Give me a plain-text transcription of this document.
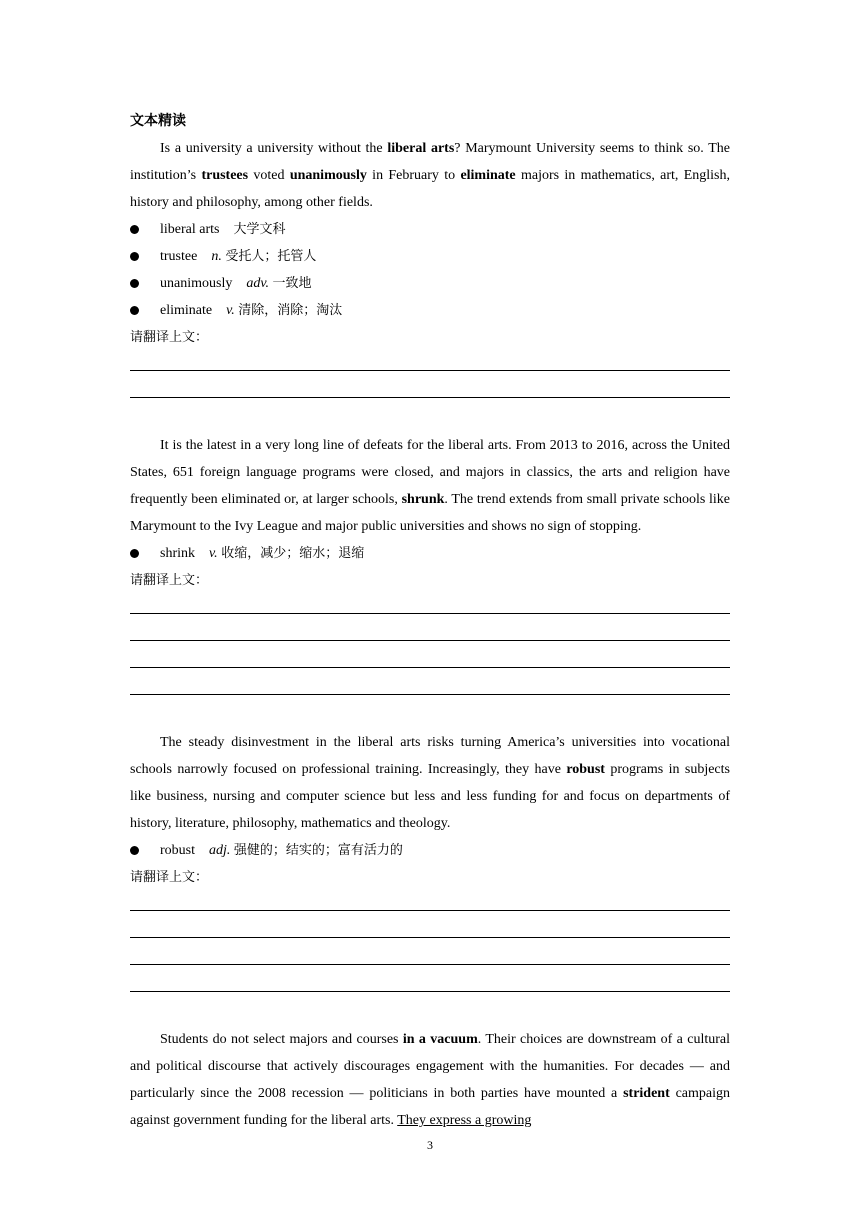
文本精读

Is a university a university without the liberal arts? Marymount University seems to think so. The institution’s trustees voted unanimously in February to eliminate majors in mathematics, art, English, history and philosophy, among other fields.

liberal arts 大学文科
trustee n. 受托人；托管人
unanimously adv. 一致地
eliminate v. 清除，消除；淘汰
请翻译上文：

It is the latest in a very long line of defeats for the liberal arts. From 2013 to 2016, across the United States, 651 foreign language programs were closed, and majors in classics, the arts and religion have frequently been eliminated or, at larger schools, shrunk. The trend extends from small private schools like Marymount to the Ivy League and major public universities and shows no sign of stopping.

shrink v. 收缩，减少；缩水；退缩
请翻译上文：

The steady disinvestment in the liberal arts risks turning America’s universities into vocational schools narrowly focused on professional training. Increasingly, they have robust programs in subjects like business, nursing and computer science but less and less funding for and focus on departments of history, literature, philosophy, mathematics and theology.

robust adj. 强健的；结实的；富有活力的
请翻译上文：

Students do not select majors and courses in a vacuum. Their choices are downstream of a cultural and political discourse that actively discourages engagement with the humanities. For decades — and particularly since the 2008 recession — politicians in both parties have mounted a strident campaign against government funding for the liberal arts. They express a growing

3
